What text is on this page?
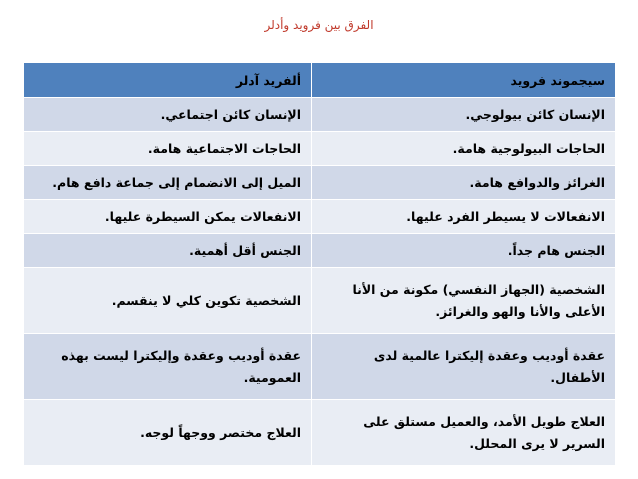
الفرق بين فرويد وأدلر
سيجموند فرويد	ألفريد آدلر
الإنسان كائن بيولوجي.	الإنسان كائن اجتماعي.
الحاجات البيولوجية هامة.	الحاجات الاجتماعية هامة.
الغرائز والدوافع هامة.	الميل إلى الانضمام إلى جماعة دافع هام.
الانفعالات لا يسيطر الفرد عليها.	الانفعالات يمكن السيطرة عليها.
الجنس هام جداً.	الجنس أقل أهمية.
الشخصية (الجهاز النفسي) مكونة من الأنا الأعلى والأنا والهو والغرائز.	الشخصية تكوين كلي لا ينقسم.
عقدة أوديب وعقدة إليكترا عالمية لدى الأطفال.	عقدة أوديب وعقدة وإليكترا ليست بهذه العمومية.
العلاج طويل الأمد، والعميل مستلق على السرير لا يرى المحلل.	العلاج مختصر ووجهاً لوجه.
